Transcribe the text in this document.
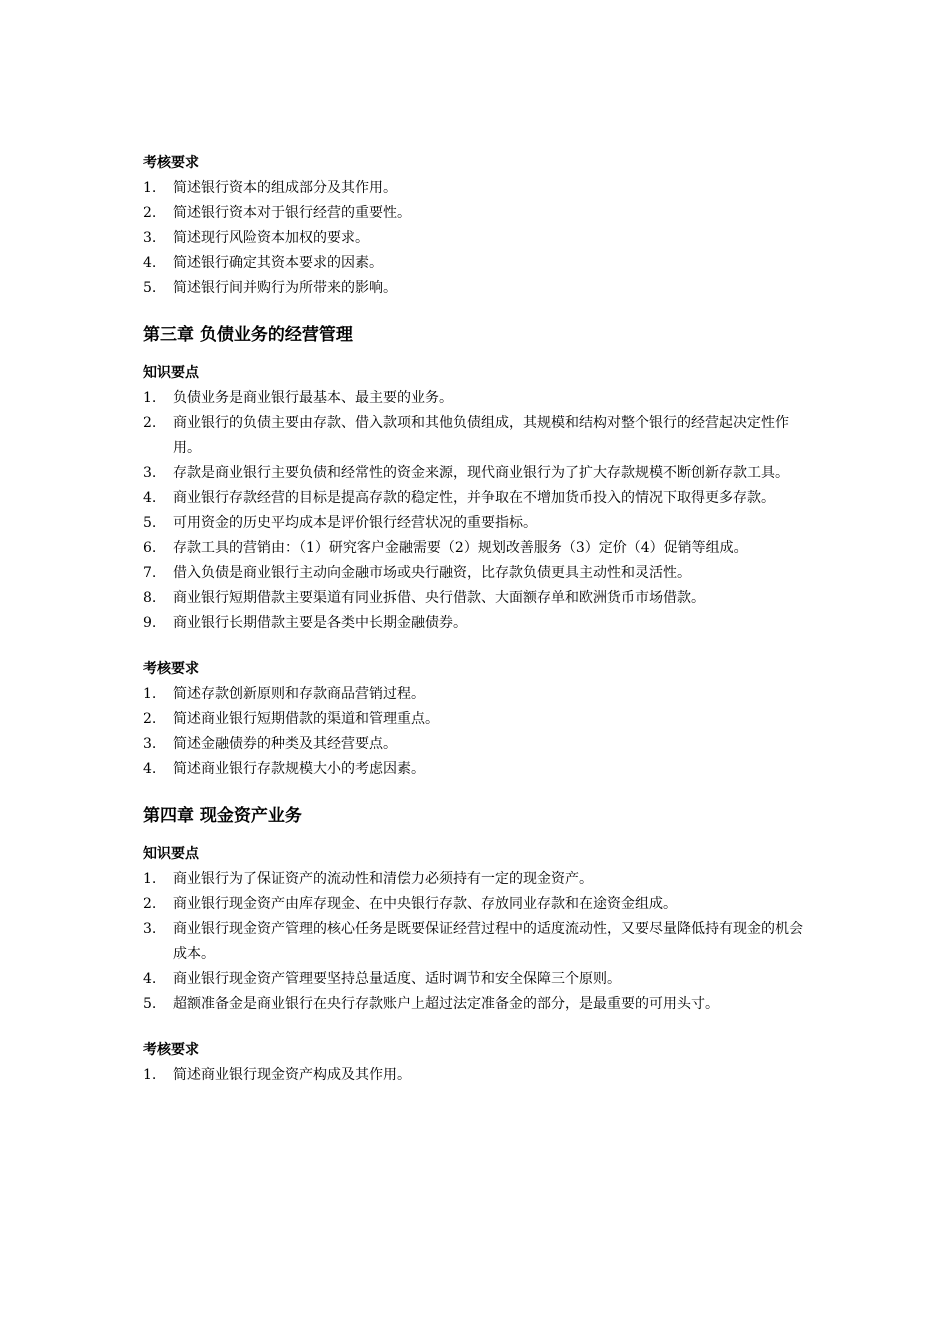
考核要求
1.	简述银行资本的组成部分及其作用。
2.	简述银行资本对于银行经营的重要性。
3.	简述现行风险资本加权的要求。
4.	简述银行确定其资本要求的因素。
5.	简述银行间并购行为所带来的影响。
第三章 负债业务的经营管理
知识要点
1.	负债业务是商业银行最基本、最主要的业务。
2.	商业银行的负债主要由存款、借入款项和其他负债组成，其规模和结构对整个银行的经营起决定性作用。
3.	存款是商业银行主要负债和经常性的资金来源，现代商业银行为了扩大存款规模不断创新存款工具。
4.	商业银行存款经营的目标是提高存款的稳定性，并争取在不增加货币投入的情况下取得更多存款。
5.	可用资金的历史平均成本是评价银行经营状况的重要指标。
6.	存款工具的营销由：（1）研究客户金融需要（2）规划改善服务（3）定价（4）促销等组成。
7.	借入负债是商业银行主动向金融市场或央行融资，比存款负债更具主动性和灵活性。
8.	商业银行短期借款主要渠道有同业拆借、央行借款、大面额存单和欧洲货币市场借款。
9.	商业银行长期借款主要是各类中长期金融债券。
考核要求
1.	简述存款创新原则和存款商品营销过程。
2.	简述商业银行短期借款的渠道和管理重点。
3.	简述金融债券的种类及其经营要点。
4.	简述商业银行存款规模大小的考虑因素。
第四章 现金资产业务
知识要点
1.	商业银行为了保证资产的流动性和清偿力必须持有一定的现金资产。
2.	商业银行现金资产由库存现金、在中央银行存款、存放同业存款和在途资金组成。
3.	商业银行现金资产管理的核心任务是既要保证经营过程中的适度流动性，又要尽量降低持有现金的机会成本。
4.	商业银行现金资产管理要坚持总量适度、适时调节和安全保障三个原则。
5.	超额准备金是商业银行在央行存款账户上超过法定准备金的部分，是最重要的可用头寸。
考核要求
1.	简述商业银行现金资产构成及其作用。
